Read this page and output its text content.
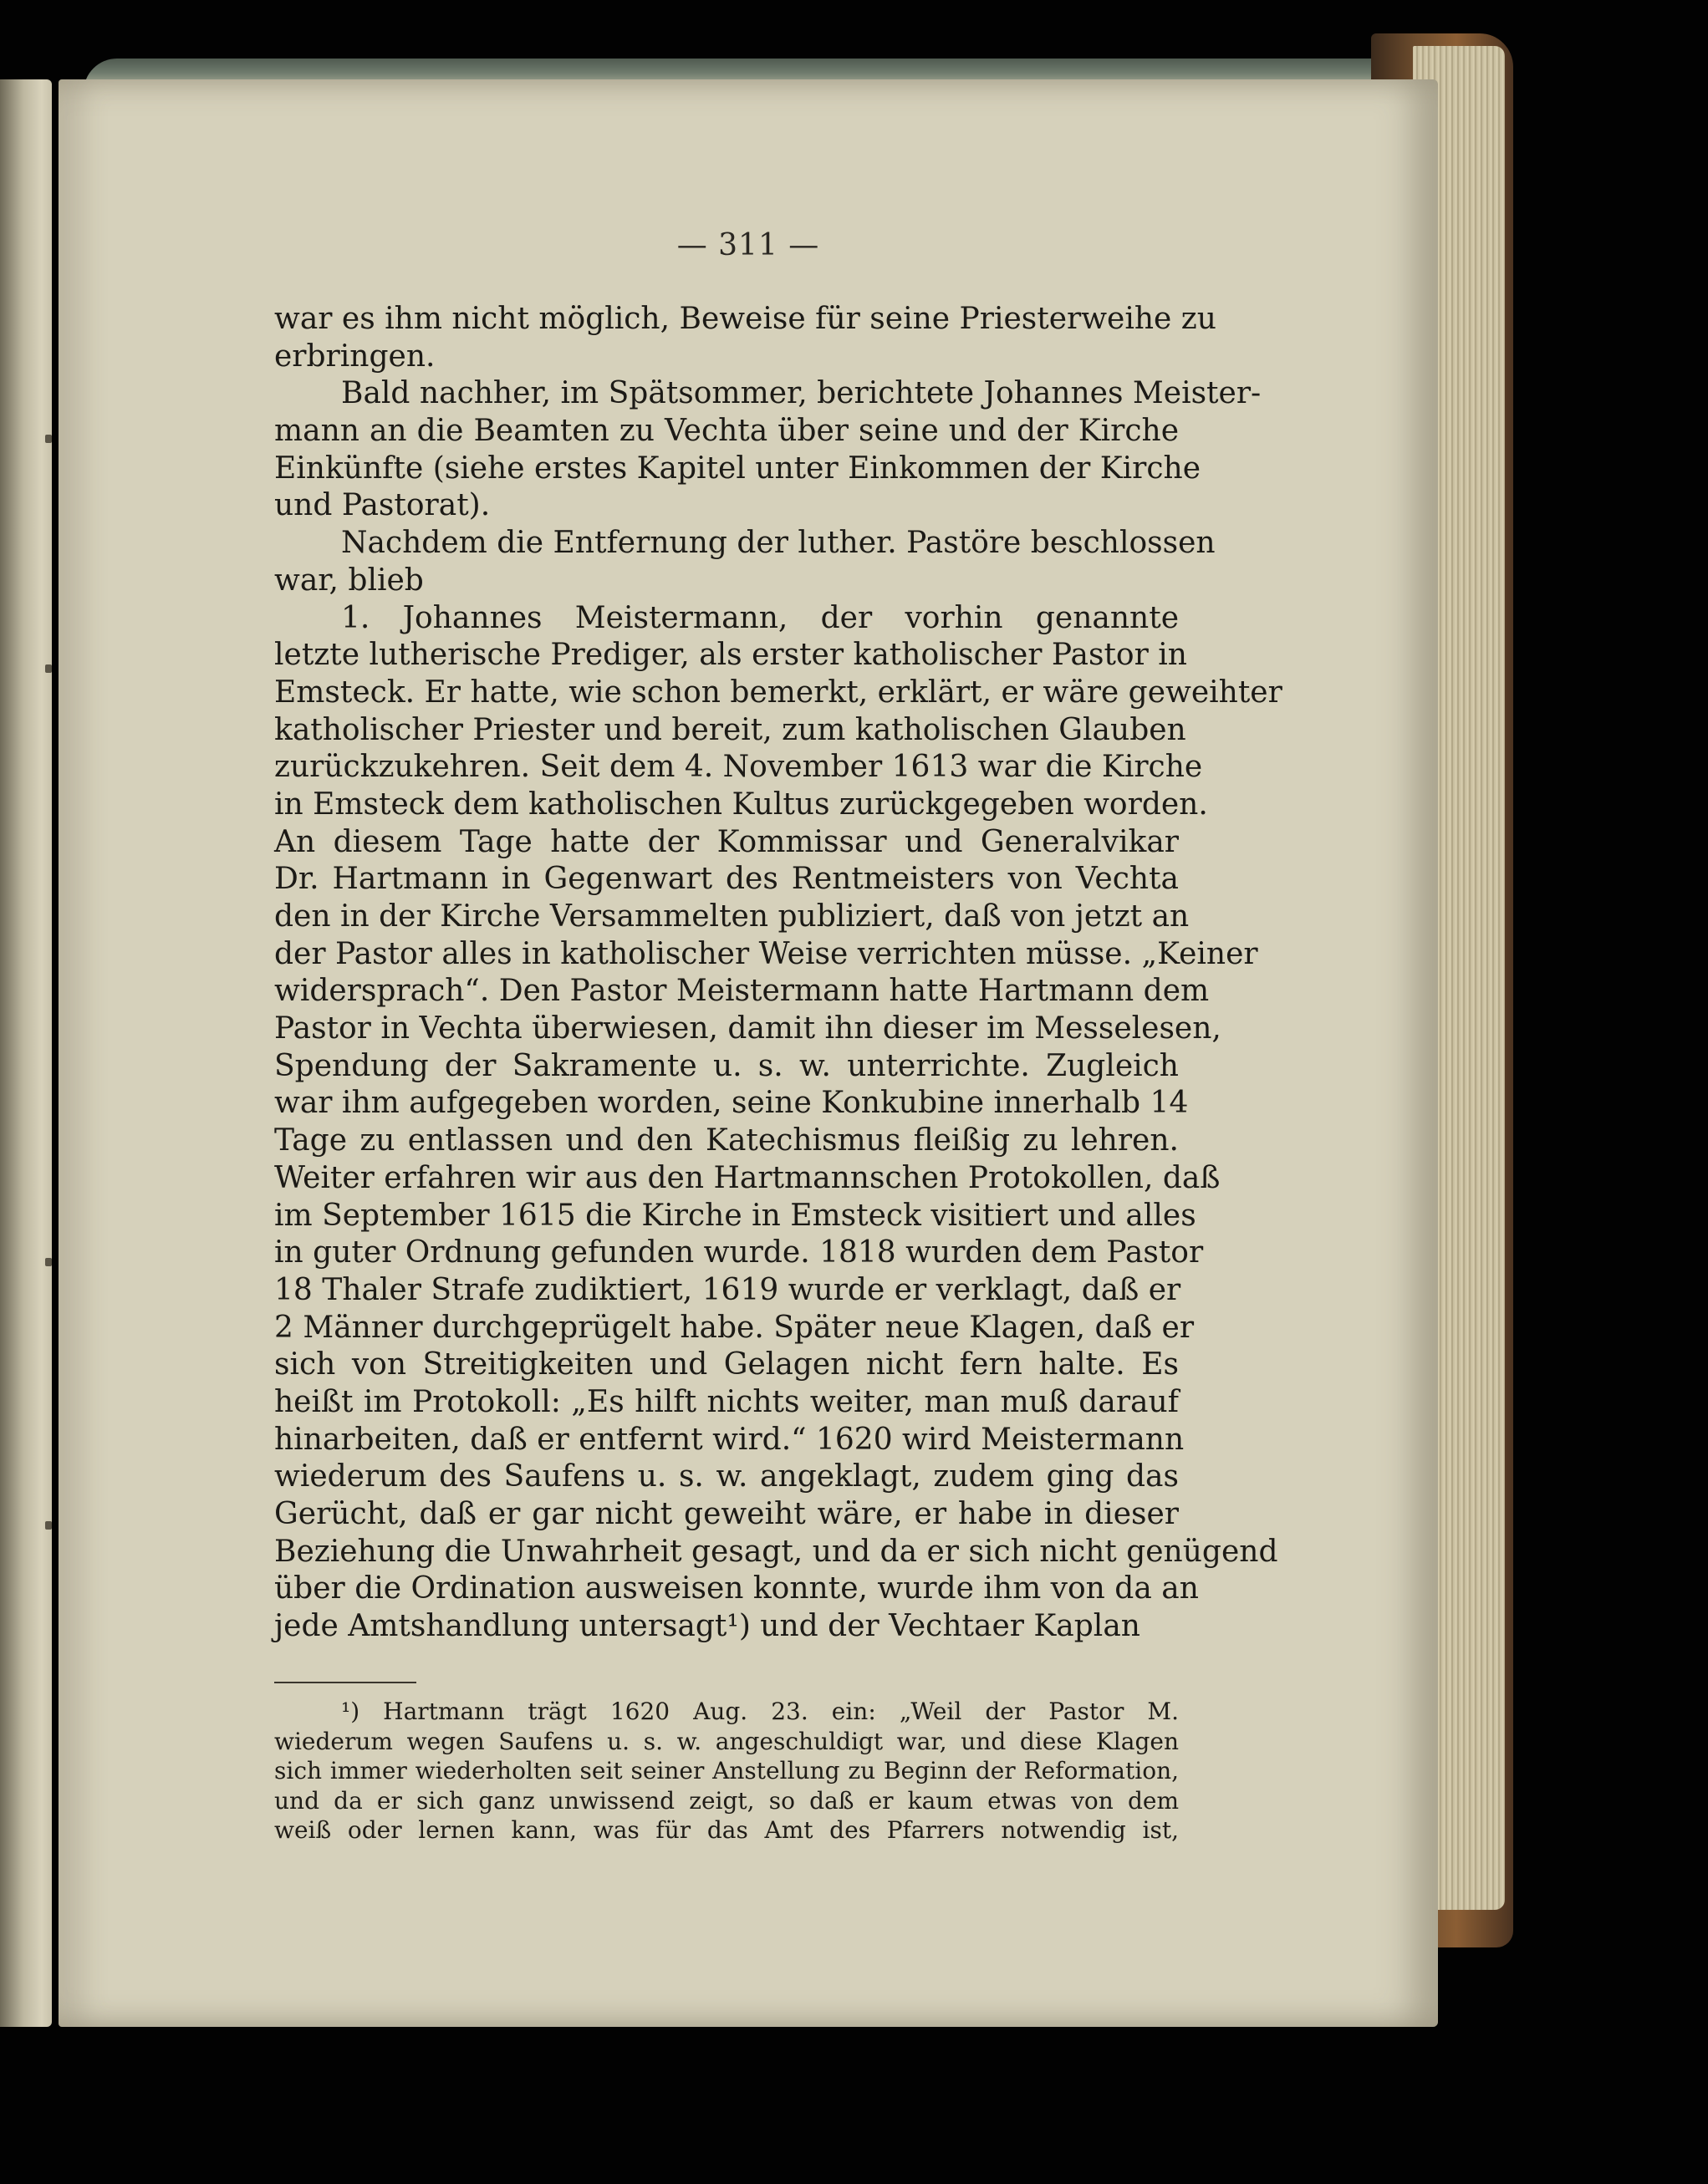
— 311 —
war es ihm nicht möglich, Beweise für seine Priesterweihe zu
erbringen.
Bald nachher, im Spätsommer, berichtete Johannes Meister-
mann an die Beamten zu Vechta über seine und der Kirche
Einkünfte (siehe erstes Kapitel unter Einkommen der Kirche
und Pastorat).
Nachdem die Entfernung der luther. Pastöre beschlossen
war, blieb
1. Johannes Meistermann, der vorhin genannte
letzte lutherische Prediger, als erster katholischer Pastor in
Emsteck. Er hatte, wie schon bemerkt, erklärt, er wäre geweihter
katholischer Priester und bereit, zum katholischen Glauben
zurückzukehren. Seit dem 4. November 1613 war die Kirche
in Emsteck dem katholischen Kultus zurückgegeben worden.
An diesem Tage hatte der Kommissar und Generalvikar
Dr. Hartmann in Gegenwart des Rentmeisters von Vechta
den in der Kirche Versammelten publiziert, daß von jetzt an
der Pastor alles in katholischer Weise verrichten müsse. „Keiner
widersprach“. Den Pastor Meistermann hatte Hartmann dem
Pastor in Vechta überwiesen, damit ihn dieser im Messelesen,
Spendung der Sakramente u. s. w. unterrichte. Zugleich
war ihm aufgegeben worden, seine Konkubine innerhalb 14
Tage zu entlassen und den Katechismus fleißig zu lehren.
Weiter erfahren wir aus den Hartmannschen Protokollen, daß
im September 1615 die Kirche in Emsteck visitiert und alles
in guter Ordnung gefunden wurde. 1818 wurden dem Pastor
18 Thaler Strafe zudiktiert, 1619 wurde er verklagt, daß er
2 Männer durchgeprügelt habe. Später neue Klagen, daß er
sich von Streitigkeiten und Gelagen nicht fern halte. Es
heißt im Protokoll: „Es hilft nichts weiter, man muß darauf
hinarbeiten, daß er entfernt wird.“ 1620 wird Meistermann
wiederum des Saufens u. s. w. angeklagt, zudem ging das
Gerücht, daß er gar nicht geweiht wäre, er habe in dieser
Beziehung die Unwahrheit gesagt, und da er sich nicht genügend
über die Ordination ausweisen konnte, wurde ihm von da an
jede Amtshandlung untersagt¹) und der Vechtaer Kaplan
¹) Hartmann trägt 1620 Aug. 23. ein: „Weil der Pastor M.
wiederum wegen Saufens u. s. w. angeschuldigt war, und diese Klagen
sich immer wiederholten seit seiner Anstellung zu Beginn der Reformation,
und da er sich ganz unwissend zeigt, so daß er kaum etwas von dem
weiß oder lernen kann, was für das Amt des Pfarrers notwendig ist,
